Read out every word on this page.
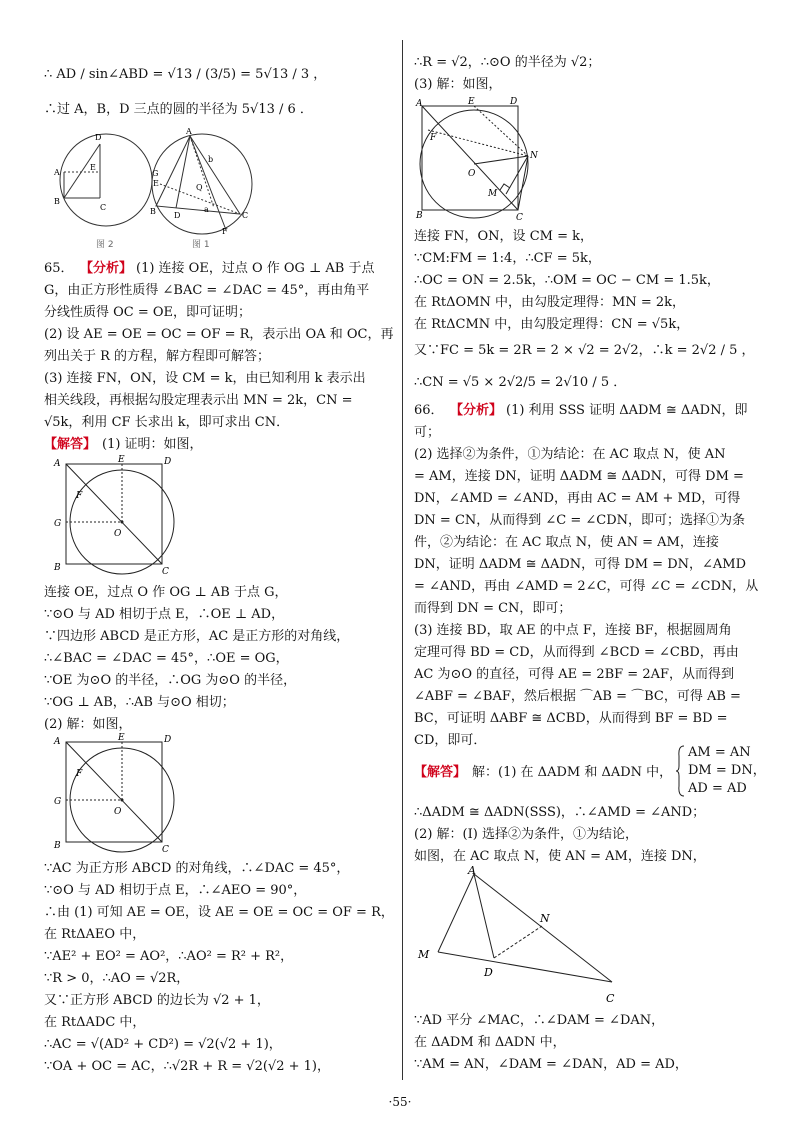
∴ AD / sin∠ABD = √13 / (3/5) = 5√13 / 3 ，
∴过 A，B，D 三点的圆的半径为 5√13 / 6 ．
D
A
E
B
C
A
b
E
G
Q
B D
a
C
F
图 2	图 1
65． 【分析】 (1) 连接 OE，过点 O 作 OG ⊥ AB 于点
G，由正方形性质得 ∠BAC = ∠DAC = 45°，再由角平
分线性质得 OC = OE，即可证明；
(2) 设 AE = OE = OC = OF = R，表示出 OA 和 OC，再
列出关于 R 的方程，解方程即可解答；
(3) 连接 FN，ON，设 CM = k，由已知利用 k 表示出
相关线段，再根据勾股定理表示出 MN = 2k，CN =
√5k，利用 CF 长求出 k，即可求出 CN．
【解答】 (1) 证明：如图，
A	E	D
F
G
O
B	C
连接 OE，过点 O 作 OG ⊥ AB 于点 G，
∵⊙O 与 AD 相切于点 E，∴OE ⊥ AD，
∵四边形 ABCD 是正方形，AC 是正方形的对角线，
∴∠BAC = ∠DAC = 45°，∴OE = OG，
∵OE 为⊙O 的半径，∴OG 为⊙O 的半径，
∵OG ⊥ AB，∴AB 与⊙O 相切；
(2) 解：如图，
A	E	D
F
G
O
B	C
∵AC 为正方形 ABCD 的对角线，∴∠DAC = 45°，
∵⊙O 与 AD 相切于点 E，∴∠AEO = 90°，
∴由 (1) 可知 AE = OE，设 AE = OE = OC = OF = R，
在 RtΔAEO 中，
∵AE² + EO² = AO²，∴AO² = R² + R²，
∵R > 0，∴AO = √2R，
又∵正方形 ABCD 的边长为 √2 + 1，
在 RtΔADC 中，
∴AC = √(AD² + CD²) = √2(√2 + 1)，
∵OA + OC = AC，∴√2R + R = √2(√2 + 1)，
∴R = √2，∴⊙O 的半径为 √2；
(3) 解：如图，
A	E	D
F
N
O
M
B	C
连接 FN，ON，设 CM = k，
∵CM:FM = 1:4，∴CF = 5k，
∴OC = ON = 2.5k，∴OM = OC − CM = 1.5k，
在 RtΔOMN 中，由勾股定理得：MN = 2k，
在 RtΔCMN 中，由勾股定理得：CN = √5k，
又∵FC = 5k = 2R = 2 × √2 = 2√2，∴k = 2√2 / 5 ，
∴CN = √5 × 2√2/5 = 2√10 / 5 ．
66． 【分析】 (1) 利用 SSS 证明 ΔADM ≅ ΔADN，即
可；
(2) 选择②为条件，①为结论：在 AC 取点 N，使 AN
= AM，连接 DN，证明 ΔADM ≅ ΔADN，可得 DM =
DN，∠AMD = ∠AND，再由 AC = AM + MD，可得
DN = CN，从而得到 ∠C = ∠CDN，即可；选择①为条
件，②为结论：在 AC 取点 N，使 AN = AM，连接
DN，证明 ΔADM ≅ ΔADN，可得 DM = DN，∠AMD
= ∠AND，再由 ∠AMD = 2∠C，可得 ∠C = ∠CDN，从
而得到 DN = CN，即可；
(3) 连接 BD，取 AE 的中点 F，连接 BF，根据圆周角
定理可得 BD = CD，从而得到 ∠BCD = ∠CBD，再由
AC 为⊙O 的直径，可得 AE = 2BF = 2AF，从而得到
∠ABF = ∠BAF，然后根据 ⌒AB = ⌒BC，可得 AB =
BC，可证明 ΔABF ≅ ΔCBD，从而得到 BF = BD =
CD，即可．
【解答】 解：(1) 在 ΔADM 和 ΔADN 中，
AM = AN
DM = DN，
AD = AD
∴ΔADM ≅ ΔADN(SSS)，∴∠AMD = ∠AND；
(2) 解：(Ⅰ) 选择②为条件，①为结论，
如图，在 AC 取点 N，使 AN = AM，连接 DN，
A
N
M
D
C
∵AD 平分 ∠MAC，∴∠DAM = ∠DAN，
在 ΔADM 和 ΔADN 中，
∵AM = AN，∠DAM = ∠DAN，AD = AD，
·55·
